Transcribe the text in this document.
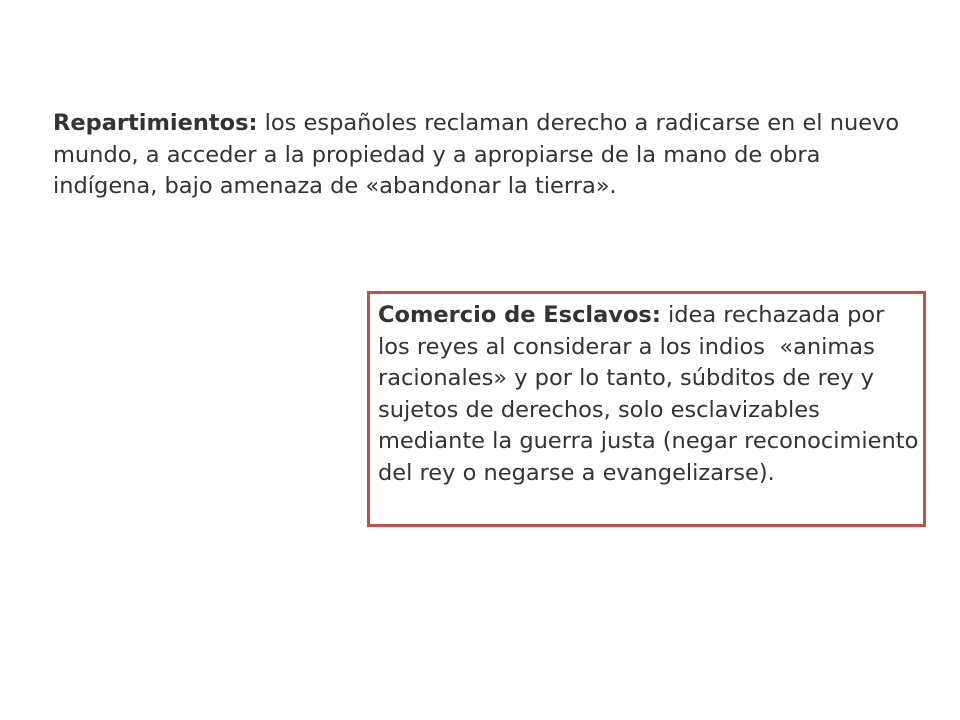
Repartimientos: los españoles reclaman derecho a radicarse en el nuevo mundo, a acceder a la propiedad y a apropiarse de la mano de obra indígena, bajo amenaza de «abandonar la tierra».
Comercio de Esclavos: idea rechazada por los reyes al considerar a los indios  «animas racionales» y por lo tanto, súbditos de rey y sujetos de derechos, solo esclavizables mediante la guerra justa (negar reconocimiento del rey o negarse a evangelizarse).
